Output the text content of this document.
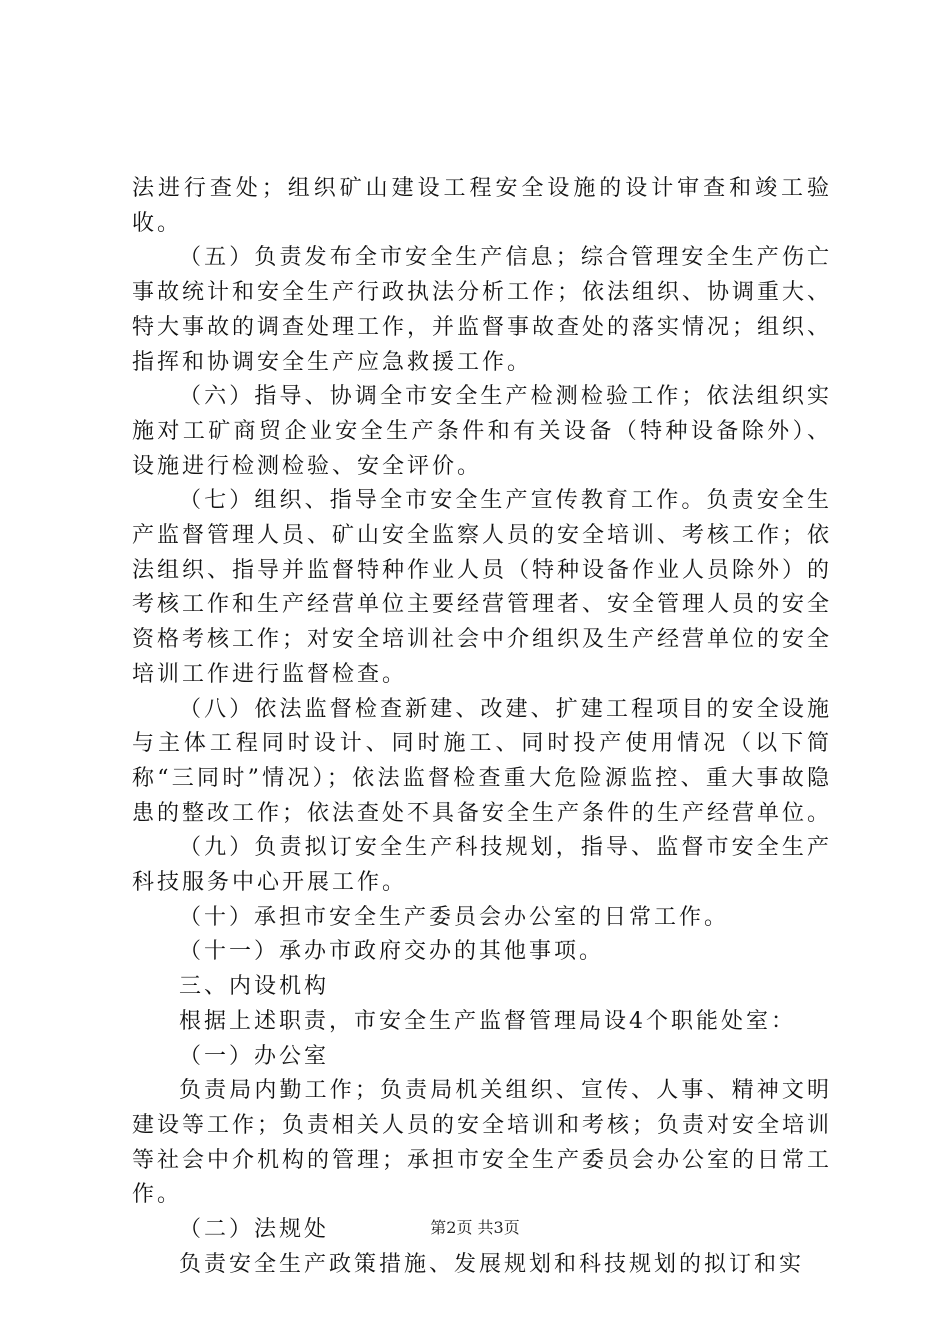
法进行查处；组织矿山建设工程安全设施的设计审查和竣工验收。

（五）负责发布全市安全生产信息；综合管理安全生产伤亡事故统计和安全生产行政执法分析工作；依法组织、协调重大、特大事故的调查处理工作，并监督事故查处的落实情况；组织、指挥和协调安全生产应急救援工作。

（六）指导、协调全市安全生产检测检验工作；依法组织实施对工矿商贸企业安全生产条件和有关设备（特种设备除外）、设施进行检测检验、安全评价。

（七）组织、指导全市安全生产宣传教育工作。负责安全生产监督管理人员、矿山安全监察人员的安全培训、考核工作；依法组织、指导并监督特种作业人员（特种设备作业人员除外）的考核工作和生产经营单位主要经营管理者、安全管理人员的安全资格考核工作；对安全培训社会中介组织及生产经营单位的安全培训工作进行监督检查。

（八）依法监督检查新建、改建、扩建工程项目的安全设施与主体工程同时设计、同时施工、同时投产使用情况（以下简称“三同时”情况）；依法监督检查重大危险源监控、重大事故隐患的整改工作；依法查处不具备安全生产条件的生产经营单位。

（九）负责拟订安全生产科技规划，指导、监督市安全生产科技服务中心开展工作。

（十）承担市安全生产委员会办公室的日常工作。

（十一）承办市政府交办的其他事项。

三、内设机构

根据上述职责，市安全生产监督管理局设4个职能处室：

（一）办公室

负责局内勤工作；负责局机关组织、宣传、人事、精神文明建设等工作；负责相关人员的安全培训和考核；负责对安全培训等社会中介机构的管理；承担市安全生产委员会办公室的日常工作。

（二）法规处

负责安全生产政策措施、发展规划和科技规划的拟订和实

第2页 共3页
